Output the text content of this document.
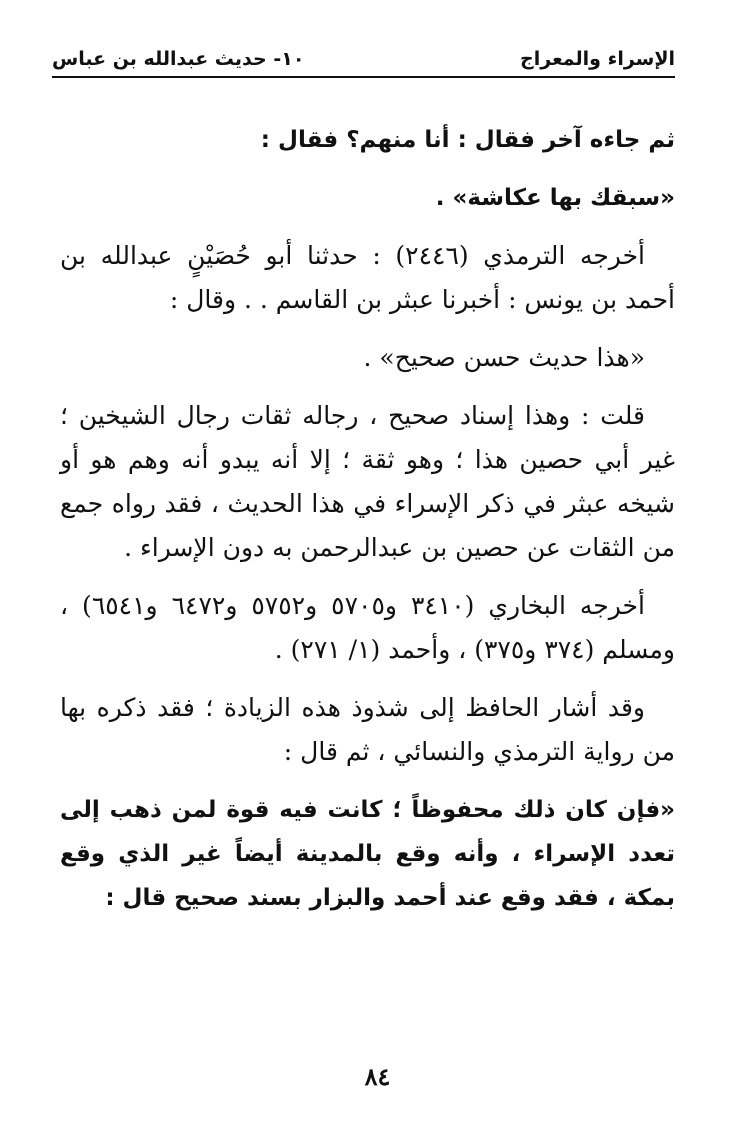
الإسراء والمعراج
١٠- حديث عبدالله بن عباس

ثم جاءه آخر فقال : أنا منهم؟ فقال :

«سبقك بها عكاشة» .

أخرجه الترمذي (٢٤٤٦) : حدثنا أبو حُصَيْنٍ عبدالله بن أحمد بن يونس : أخبرنا عبثر بن القاسم . . وقال :

«هذا حديث حسن صحيح» .

قلت : وهذا إسناد صحيح ، رجاله ثقات رجال الشيخين ؛ غير أبي حصين هذا ؛ وهو ثقة ؛ إلا أنه يبدو أنه وهم هو أو شيخه عبثر في ذكر الإسراء في هذا الحديث ، فقد رواه جمع من الثقات عن حصين بن عبدالرحمن به دون الإسراء .

أخرجه البخاري (٣٤١٠ و٥٧٠٥ و٥٧٥٢ و٦٤٧٢ و٦٥٤١) ، ومسلم (٣٧٤ و٣٧٥) ، وأحمد (١/ ٢٧١) .

وقد أشار الحافظ إلى شذوذ هذه الزيادة ؛ فقد ذكره بها من رواية الترمذي والنسائي ، ثم قال :

«فإن كان ذلك محفوظاً ؛ كانت فيه قوة لمن ذهب إلى تعدد الإسراء ، وأنه وقع بالمدينة أيضاً غير الذي وقع بمكة ، فقد وقع عند أحمد والبزار بسند صحيح قال :

٨٤
